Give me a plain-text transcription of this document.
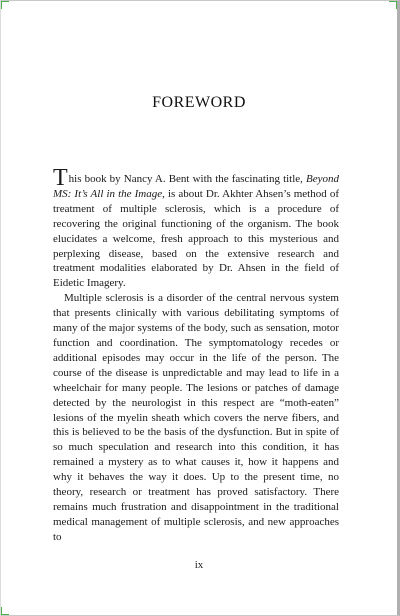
FOREWORD

This book by Nancy A. Bent with the fascinating title, Beyond MS: It’s All in the Image, is about Dr. Akhter Ahsen’s method of treatment of multiple sclerosis, which is a procedure of recovering the original functioning of the organism. The book elucidates a welcome, fresh approach to this mysterious and perplexing disease, based on the extensive research and treatment modalities elaborated by Dr. Ahsen in the field of Eidetic Imagery.

Multiple sclerosis is a disorder of the central nervous system that presents clinically with various debilitating symptoms of many of the major systems of the body, such as sensation, motor function and coordination. The symptomatology recedes or additional episodes may occur in the life of the person. The course of the disease is unpredictable and may lead to life in a wheelchair for many people. The lesions or patches of damage detected by the neurologist in this respect are “moth-eaten” lesions of the myelin sheath which covers the nerve fibers, and this is believed to be the basis of the dysfunction. But in spite of so much speculation and research into this condition, it has remained a mystery as to what causes it, how it happens and why it behaves the way it does. Up to the present time, no theory, research or treatment has proved satisfactory. There remains much frustration and disappointment in the traditional medical management of multiple sclerosis, and new approaches to

ix
